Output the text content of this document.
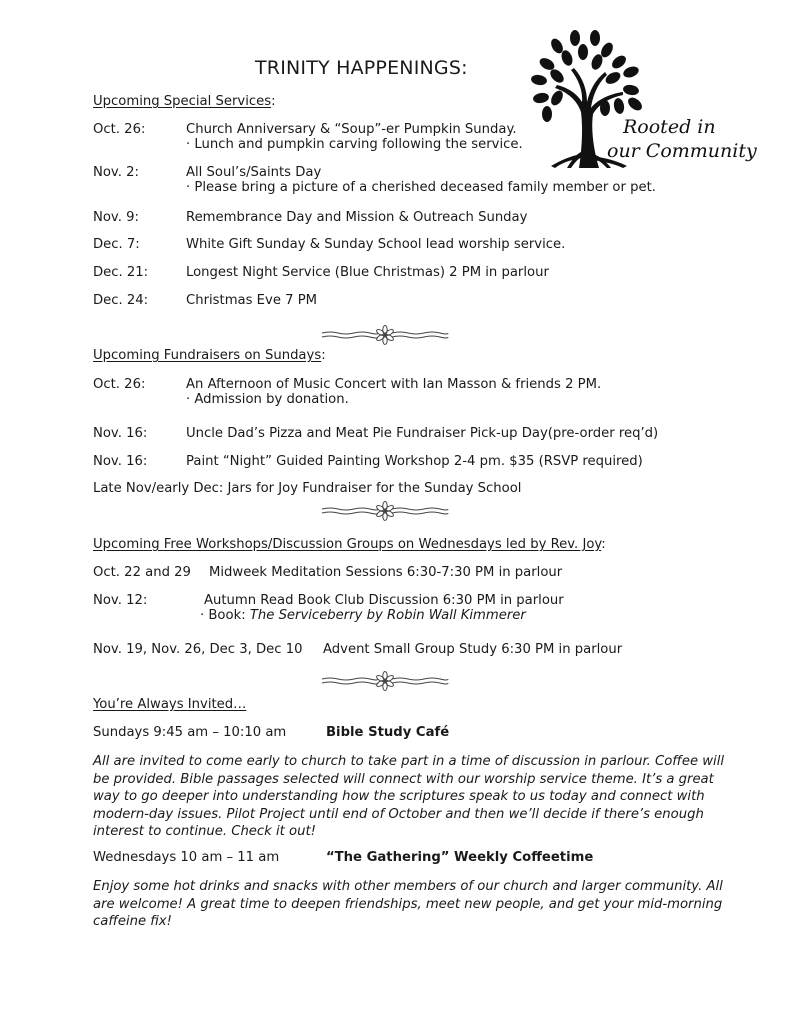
TRINITY HAPPENINGS:
Rooted in
our Community
Upcoming Special Services:
Oct. 26:	Church Anniversary & “Soup”-er Pumpkin Sunday.
· Lunch and pumpkin carving following the service.
Nov. 2:	All Soul’s/Saints Day
· Please bring a picture of a cherished deceased family member or pet.
Nov. 9:	Remembrance Day and Mission & Outreach Sunday
Dec. 7:	White Gift Sunday & Sunday School lead worship service.
Dec. 21:	Longest Night Service (Blue Christmas) 2 PM in parlour
Dec. 24:	Christmas Eve 7 PM
Upcoming Fundraisers on Sundays:
Oct. 26:	An Afternoon of Music Concert with Ian Masson & friends 2 PM.
· Admission by donation.
Nov. 16:	Uncle Dad’s Pizza and Meat Pie Fundraiser Pick-up Day(pre-order req’d)
Nov. 16:	Paint “Night” Guided Painting Workshop 2-4 pm. $35 (RSVP required)
Late Nov/early Dec: Jars for Joy Fundraiser for the Sunday School
Upcoming Free Workshops/Discussion Groups on Wednesdays led by Rev. Joy:
Oct. 22 and 29 Midweek Meditation Sessions 6:30-7:30 PM in parlour
Nov. 12:	Autumn Read Book Club Discussion 6:30 PM in parlour
· Book: The Serviceberry by Robin Wall Kimmerer
Nov. 19, Nov. 26, Dec 3, Dec 10 Advent Small Group Study 6:30 PM in parlour
You’re Always Invited…
Sundays 9:45 am – 10:10 am	Bible Study Café
All are invited to come early to church to take part in a time of discussion in parlour. Coffee will be provided. Bible passages selected will connect with our worship service theme. It’s a great way to go deeper into understanding how the scriptures speak to us today and connect with modern-day issues. Pilot Project until end of October and then we’ll decide if there’s enough interest to continue. Check it out!
Wednesdays 10 am – 11 am	“The Gathering” Weekly Coffeetime
Enjoy some hot drinks and snacks with other members of our church and larger community. All are welcome! A great time to deepen friendships, meet new people, and get your mid-morning caffeine fix!
